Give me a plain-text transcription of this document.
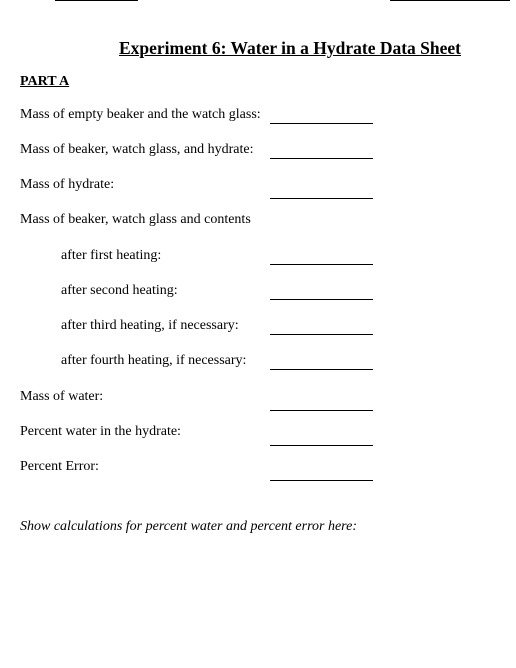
Experiment 6: Water in a Hydrate Data Sheet
PART A
Mass of empty beaker and the watch glass:
Mass of beaker, watch glass, and hydrate:
Mass of hydrate:
Mass of beaker, watch glass and contents
after first heating:
after second heating:
after third heating, if necessary:
after fourth heating, if necessary:
Mass of water:
Percent water in the hydrate:
Percent Error:
Show calculations for percent water and percent error here:
